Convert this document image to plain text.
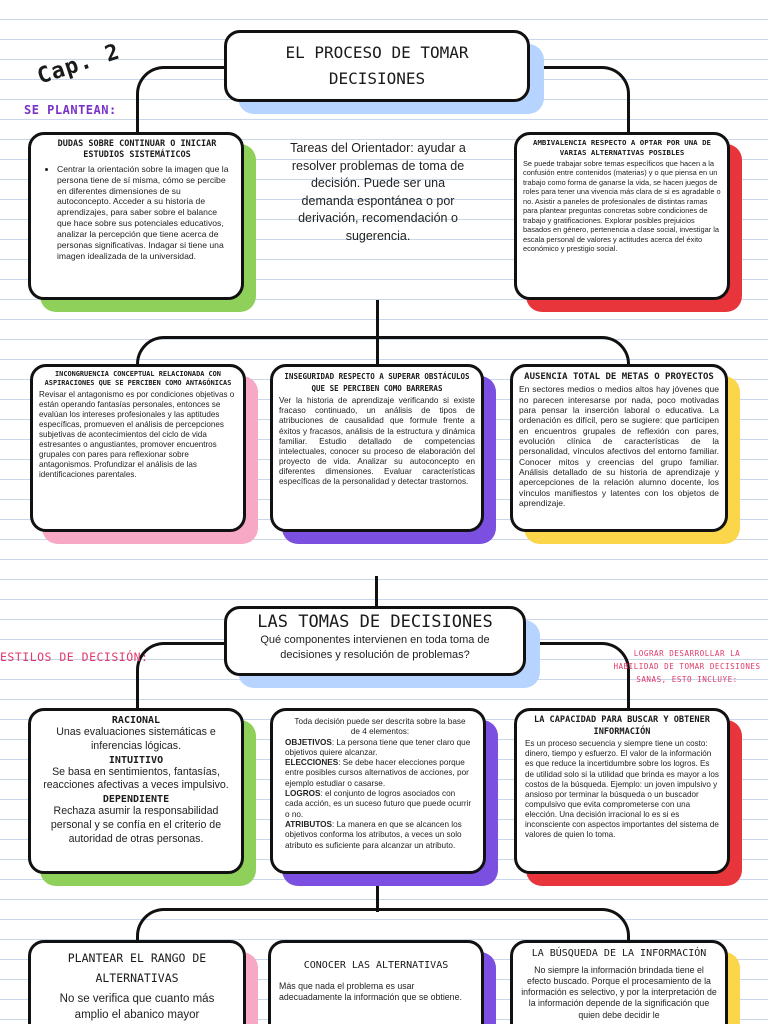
Cap. 2
SE PLANTEAN:
EL PROCESO DE TOMAR DECISIONES
Tareas del Orientador: ayudar a resolver problemas de toma de decisión. Puede ser una demanda espontánea o por derivación, recomendación o sugerencia.
DUDAS SOBRE CONTINUAR O INICIAR ESTUDIOS SISTEMÁTICOS
• Centrar la orientación sobre la imagen que la persona tiene de sí misma, cómo se percibe en diferentes dimensiones de su autoconcepto. Acceder a su historia de aprendizajes, para saber sobre el balance que hace sobre sus potenciales educativos, analizar la percepción que tiene acerca de personas significativas. Indagar si tiene una imagen idealizada de la universidad.
AMBIVALENCIA RESPECTO A OPTAR POR UNA DE VARIAS ALTERNATIVAS POSIBLES
Se puede trabajar sobre temas específicos que hacen a la confusión entre contenidos (materias) y o que piensa en un trabajo como forma de ganarse la vida, se hacen juegos de roles para tener una vivencia más clara de si es agradable o no. Asistir a paneles de profesionales de distintas ramas para plantear preguntas concretas sobre condiciones de trabajo y gratificaciones. Explorar posibles prejuicios basados en género, pertenencia a clase social, investigar la escala personal de valores y actitudes acerca del éxito económico y prestigio social.
INCONGRUENCIA CONCEPTUAL RELACIONADA CON ASPIRACIONES QUE SE PERCIBEN COMO ANTAGÓNICAS
Revisar el antagonismo es por condiciones objetivas o están operando fantasías personales, entonces se evalúan los intereses profesionales y las aptitudes específicas, promueven el análisis de percepciones subjetivas de acontecimientos del ciclo de vida estresantes o angustiantes, promover encuentros grupales con pares para reflexionar sobre antagonismos. Profundizar el análisis de las identificaciones parentales.
INSEGURIDAD RESPECTO A SUPERAR OBSTÁCULOS QUE SE PERCIBEN COMO BARRERAS
Ver la historia de aprendizaje verificando si existe fracaso continuado, un análisis de tipos de atribuciones de causalidad que formule frente a éxitos y fracasos, análisis de la estructura y dinámica familiar. Estudio detallado de competencias intelectuales, conocer su proceso de elaboración del proyecto de vida. Analizar su autoconcepto en diferentes dimensiones. Evaluar características específicas de la personalidad y detectar trastornos.
AUSENCIA TOTAL DE METAS O PROYECTOS
En sectores medios o medios altos hay jóvenes que no parecen interesarse por nada, poco motivadas para pensar la inserción laboral o educativa. La ordenación es difícil, pero se sugiere: que participen en encuentros grupales de reflexión con pares, evolución clínica de características de la personalidad, vínculos afectivos del entorno familiar. Conocer mitos y creencias del grupo familiar. Análisis detallado de su historia de aprendizaje y apercepciones de la relación alumno docente, los vínculos manifiestos y latentes con los objetos de aprendizaje.
ESTILOS DE DECISIÓN:	LOGRAR DESARROLLAR LA HABILIDAD DE TOMAR DECISIONES SANAS, ESTO INCLUYE:
LAS TOMAS DE DECISIONES
Qué componentes intervienen en toda toma de decisiones y resolución de problemas?
RACIONAL
Unas evaluaciones sistemáticas e inferencias lógicas.
INTUITIVO
Se basa en sentimientos, fantasías, reacciones afectivas a veces impulsivo.
DEPENDIENTE
Rechaza asumir la responsabilidad personal y se confía en el criterio de autoridad de otras personas.
Toda decisión puede ser descrita sobre la base de 4 elementos:
OBJETIVOS: La persona tiene que tener claro que objetivos quiere alcanzar.
ELECCIONES: Se debe hacer elecciones porque entre posibles cursos alternativos de acciones, por ejemplo estudiar o casarse.
LOGROS: el conjunto de logros asociados con cada acción, es un suceso futuro que puede ocurrir o no.
ATRIBUTOS: La manera en que se alcancen los objetivos conforma los atributos, a veces un solo atributo es suficiente para alcanzar un atributo.
LA CAPACIDAD PARA BUSCAR Y OBTENER INFORMACIÓN
Es un proceso secuencia y siempre tiene un costo: dinero, tiempo y esfuerzo. El valor de la información es que reduce la incertidumbre sobre los logros. Es de utilidad solo si la utilidad que brinda es mayor a los costos de la búsqueda. Ejemplo: un joven impulsivo y ansioso por terminar la búsqueda o un buscador compulsivo que evita comprometerse con una elección. Una decisión irracional lo es si es inconsciente con aspectos importantes del sistema de valores de quien lo toma.
PLANTEAR EL RANGO DE ALTERNATIVAS
No se verifica que cuanto más amplio el abanico mayor
CONOCER LAS ALTERNATIVAS
Más que nada el problema es usar adecuadamente la información que se obtiene.
LA BÚSQUEDA DE LA INFORMACIÓN
No siempre la información brindada tiene el efecto buscado. Porque el procesamiento de la información es selectivo, y por la interpretación de la información depende de la significación que quien debe decidir le
